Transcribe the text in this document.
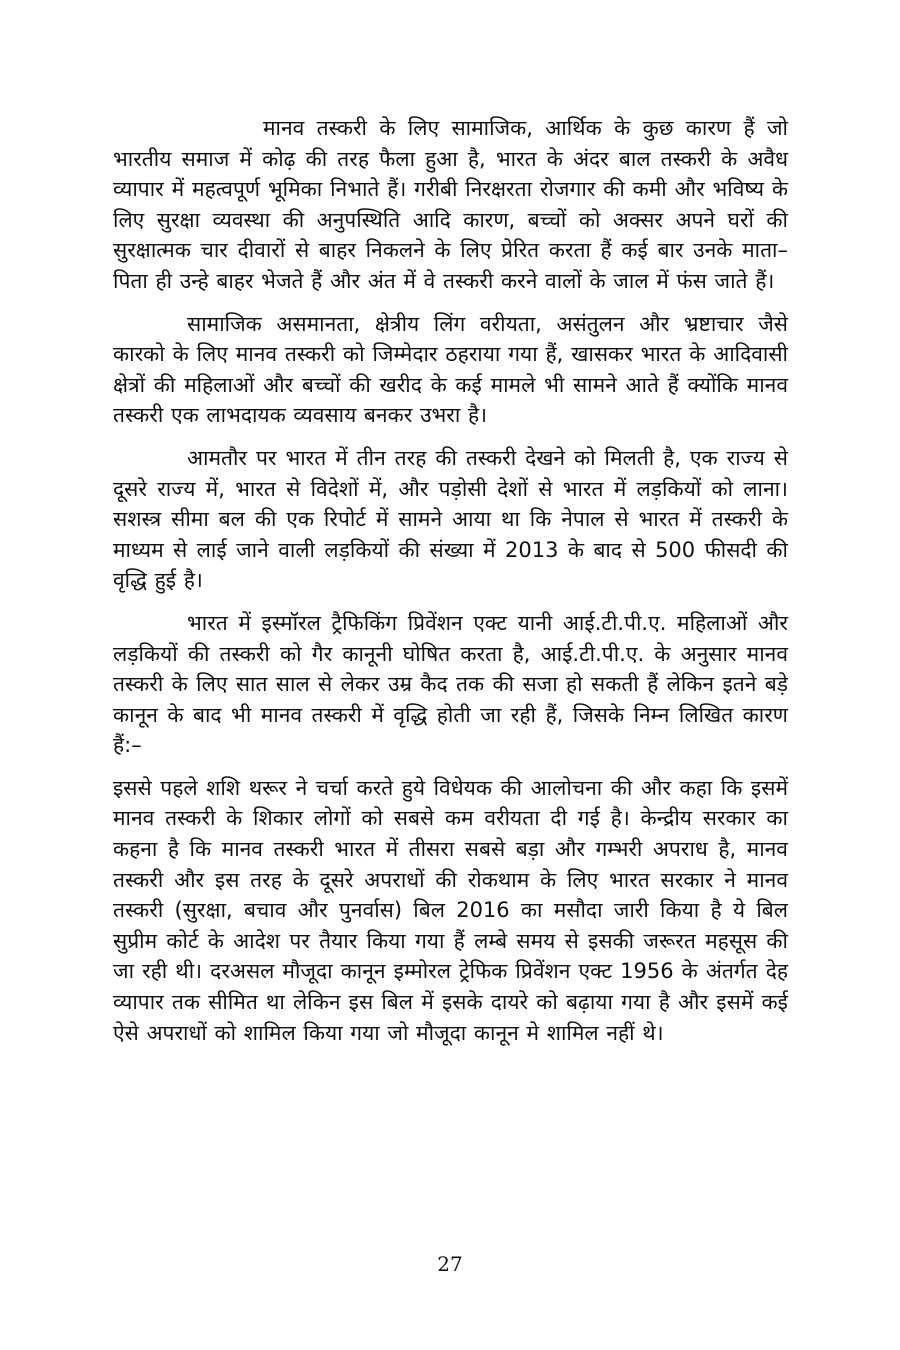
मानव तस्करी के लिए सामाजिक, आर्थिक के कुछ कारण हैं जो भारतीय समाज में कोढ़ की तरह फैला हुआ है, भारत के अंदर बाल तस्करी के अवैध व्यापार में महत्वपूर्ण भूमिका निभाते हैं। गरीबी निरक्षरता रोजगार की कमी और भविष्य के लिए सुरक्षा व्यवस्था की अनुपस्थिति आदि कारण, बच्चों को अक्सर अपने घरों की सुरक्षात्मक चार दीवारों से बाहर निकलने के लिए प्रेरित करता हैं कई बार उनके माता–पिता ही उन्हे बाहर भेजते हैं और अंत में वे तस्करी करने वालों के जाल में फंस जाते हैं।

सामाजिक असमानता, क्षेत्रीय लिंग वरीयता, असंतुलन और भ्रष्टाचार जैसे कारको के लिए मानव तस्करी को जिम्मेदार ठहराया गया हैं, खासकर भारत के आदिवासी क्षेत्रों की महिलाओं और बच्चों की खरीद के कई मामले भी सामने आते हैं क्योंकि मानव तस्करी एक लाभदायक व्यवसाय बनकर उभरा है।

आमतौर पर भारत में तीन तरह की तस्करी देखने को मिलती है, एक राज्य से दूसरे राज्य में, भारत से विदेशों में, और पड़ोसी देशों से भारत में लड़कियों को लाना। सशस्त्र सीमा बल की एक रिपोर्ट में सामने आया था कि नेपाल से भारत में तस्करी के माध्यम से लाई जाने वाली लड़कियों की संख्या में 2013 के बाद से 500 फीसदी की वृद्धि हुई है।

भारत में इस्मॉरल ट्रैफिकिंग प्रिवेंशन एक्ट यानी आई.टी.पी.ए. महिलाओं और लड़कियों की तस्करी को गैर कानूनी घोषित करता है, आई.टी.पी.ए. के अनुसार मानव तस्करी के लिए सात साल से लेकर उम्र कैद तक की सजा हो सकती हैं लेकिन इतने बड़े कानून के बाद भी मानव तस्करी में वृद्धि होती जा रही हैं, जिसके निम्न लिखित कारण हैं:–

इससे पहले शशि थरूर ने चर्चा करते हुये विधेयक की आलोचना की और कहा कि इसमें मानव तस्करी के शिकार लोगों को सबसे कम वरीयता दी गई है। केन्द्रीय सरकार का कहना है कि मानव तस्करी भारत में तीसरा सबसे बड़ा और गम्भरी अपराध है, मानव तस्करी और इस तरह के दूसरे अपराधों की रोकथाम के लिए भारत सरकार ने मानव तस्करी (सुरक्षा, बचाव और पुनर्वास) बिल 2016 का मसौदा जारी किया है ये बिल सुप्रीम कोर्ट के आदेश पर तैयार किया गया हैं लम्बे समय से इसकी जरूरत महसूस की जा रही थी। दरअसल मौजूदा कानून इम्मोरल ट्रेफिक प्रिवेंशन एक्ट 1956 के अंतर्गत देह व्यापार तक सीमित था लेकिन इस बिल में इसके दायरे को बढ़ाया गया है और इसमें कई ऐसे अपराधों को शामिल किया गया जो मौजूदा कानून मे शामिल नहीं थे।

27
